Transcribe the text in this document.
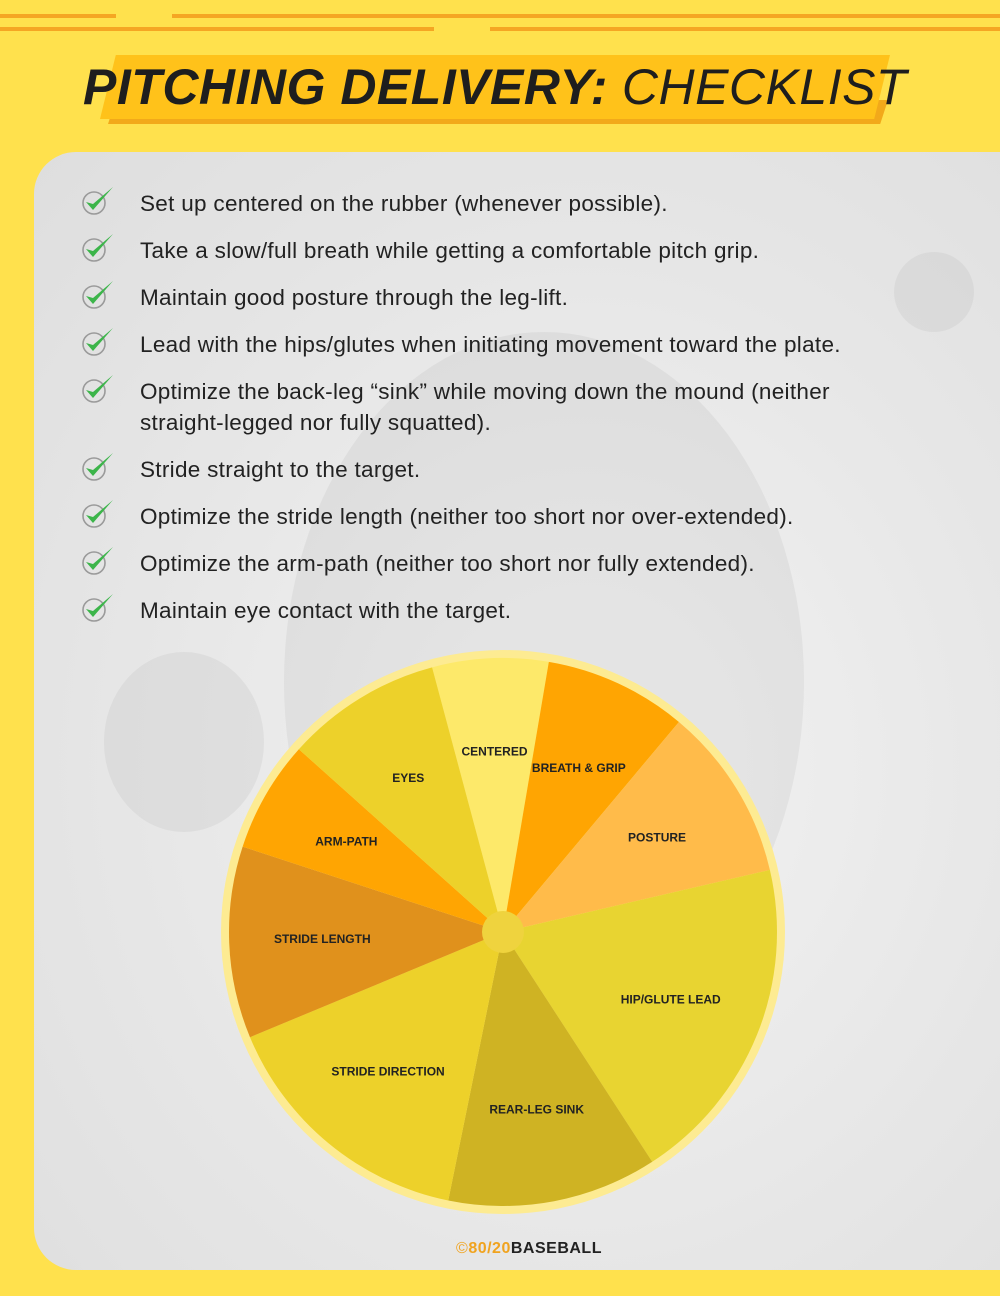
PITCHING DELIVERY: CHECKLIST
Set up centered on the rubber (whenever possible).
Take a slow/full breath while getting a comfortable pitch grip.
Maintain good posture through the leg-lift.
Lead with the hips/glutes when initiating movement toward the plate.
Optimize the back-leg “sink” while moving down the mound (neither
straight-legged nor fully squatted).
Stride straight to the target.
Optimize the stride length (neither too short nor over-extended).
Optimize the arm-path (neither too short nor fully extended).
Maintain eye contact with the target.
CENTERED
BREATH & GRIP
POSTURE
HIP/GLUTE LEAD
REAR-LEG SINK
STRIDE DIRECTION
STRIDE LENGTH
ARM-PATH
EYES
©80/20BASEBALL
